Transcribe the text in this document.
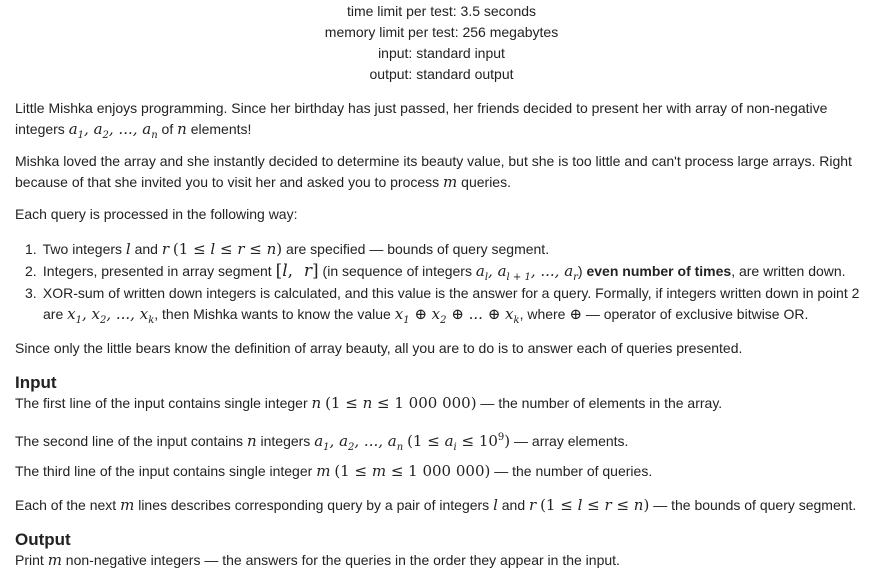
time limit per test: 3.5 seconds
memory limit per test: 256 megabytes
input: standard input
output: standard output
Little Mishka enjoys programming. Since her birthday has just passed, her friends decided to present her with array of non-negative
integers $a_1$, $a_2$, ..., $a_n$ of n elements!
Mishka loved the array and she instantly decided to determine its beauty value, but she is too little and can't process large arrays. Right
because of that she invited you to visit her and asked you to process m queries.
Each query is processed in the following way:
1. Two integers l and r (1 ≤ l ≤ r ≤ n) are specified — bounds of query segment.
2. Integers, presented in array segment [l,  r] (in sequence of integers $a_l$, $a_{l + 1}$, ..., $a_r$) even number of times, are written down.
3. XOR-sum of written down integers is calculated, and this value is the answer for a query. Formally, if integers written down in point 2
are $x_1$, $x_2$, ..., $x_k$, then Mishka wants to know the value $x_1$ ⊕ $x_2$ ⊕ ... ⊕ $x_k$, where ⊕ — operator of exclusive bitwise OR.
Since only the little bears know the definition of array beauty, all you are to do is to answer each of queries presented.
Input
The first line of the input contains single integer n (1 ≤ n ≤ 1 000 000) — the number of elements in the array.
The second line of the input contains n integers $a_1$, $a_2$, ..., $a_n$ $(1 \le a_i \le 10^9)$ — array elements.
The third line of the input contains single integer m (1 ≤ m ≤ 1 000 000) — the number of queries.
Each of the next m lines describes corresponding query by a pair of integers l and r (1 ≤ l ≤ r ≤ n) — the bounds of query segment.
Output
Print m non-negative integers — the answers for the queries in the order they appear in the input.
